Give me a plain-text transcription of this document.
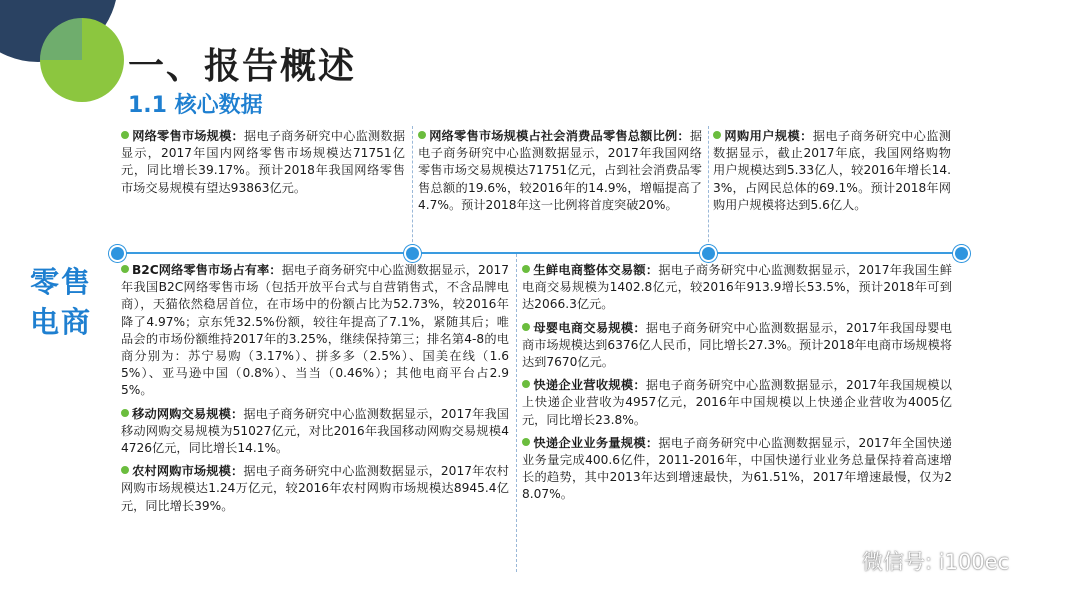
一、报告概述
1.1 核心数据
零售电商
网络零售市场规模：据电子商务研究中心监测数据显示，2017年国内网络零售市场规模达71751亿元，同比增长39.17%。预计2018年我国网络零售市场交易规模有望达93863亿元。
网络零售市场规模占社会消费品零售总额比例：据电子商务研究中心监测数据显示，2017年我国网络零售市场交易规模达71751亿元，占到社会消费品零售总额的19.6%，较2016年的14.9%，增幅提高了4.7%。预计2018年这一比例将首度突破20%。
网购用户规模：据电子商务研究中心监测数据显示，截止2017年底，我国网络购物用户规模达到5.33亿人，较2016年增长14.3%，占网民总体的69.1%。预计2018年网购用户规模将达到5.6亿人。
B2C网络零售市场占有率：据电子商务研究中心监测数据显示，2017年我国B2C网络零售市场（包括开放平台式与自营销售式，不含品牌电商），天猫依然稳居首位，在市场中的份额占比为52.73%，较2016年降了4.97%；京东凭32.5%份额，较往年提高了7.1%，紧随其后；唯品会的市场份额维持2017年的3.25%，继续保持第三；排名第4-8的电商分别为：苏宁易购（3.17%）、拼多多（2.5%）、国美在线（1.65%）、亚马逊中国（0.8%）、当当（0.46%）；其他电商平台占2.95%。
移动网购交易规模：据电子商务研究中心监测数据显示，2017年我国移动网购交易规模为51027亿元，对比2016年我国移动网购交易规模44726亿元，同比增长14.1%。
农村网购市场规模：据电子商务研究中心监测数据显示，2017年农村网购市场规模达1.24万亿元，较2016年农村网购市场规模达8945.4亿元，同比增长39%。
生鲜电商整体交易额：据电子商务研究中心监测数据显示，2017年我国生鲜电商交易规模为1402.8亿元，较2016年913.9增长53.5%，预计2018年可到达2066.3亿元。
母婴电商交易规模：据电子商务研究中心监测数据显示，2017年我国母婴电商市场规模达到6376亿人民币，同比增长27.3%。预计2018年电商市场规模将达到7670亿元。
快递企业营收规模：据电子商务研究中心监测数据显示，2017年我国规模以上快递企业营收为4957亿元，2016年中国规模以上快递企业营收为4005亿元，同比增长23.8%。
快递企业业务量规模：据电子商务研究中心监测数据显示，2017年全国快递业务量完成400.6亿件，2011-2016年，中国快递行业业务总量保持着高速增长的趋势，其中2013年达到增速最快，为61.51%，2017年增速最慢，仅为28.07%。
微信号: i100ec
